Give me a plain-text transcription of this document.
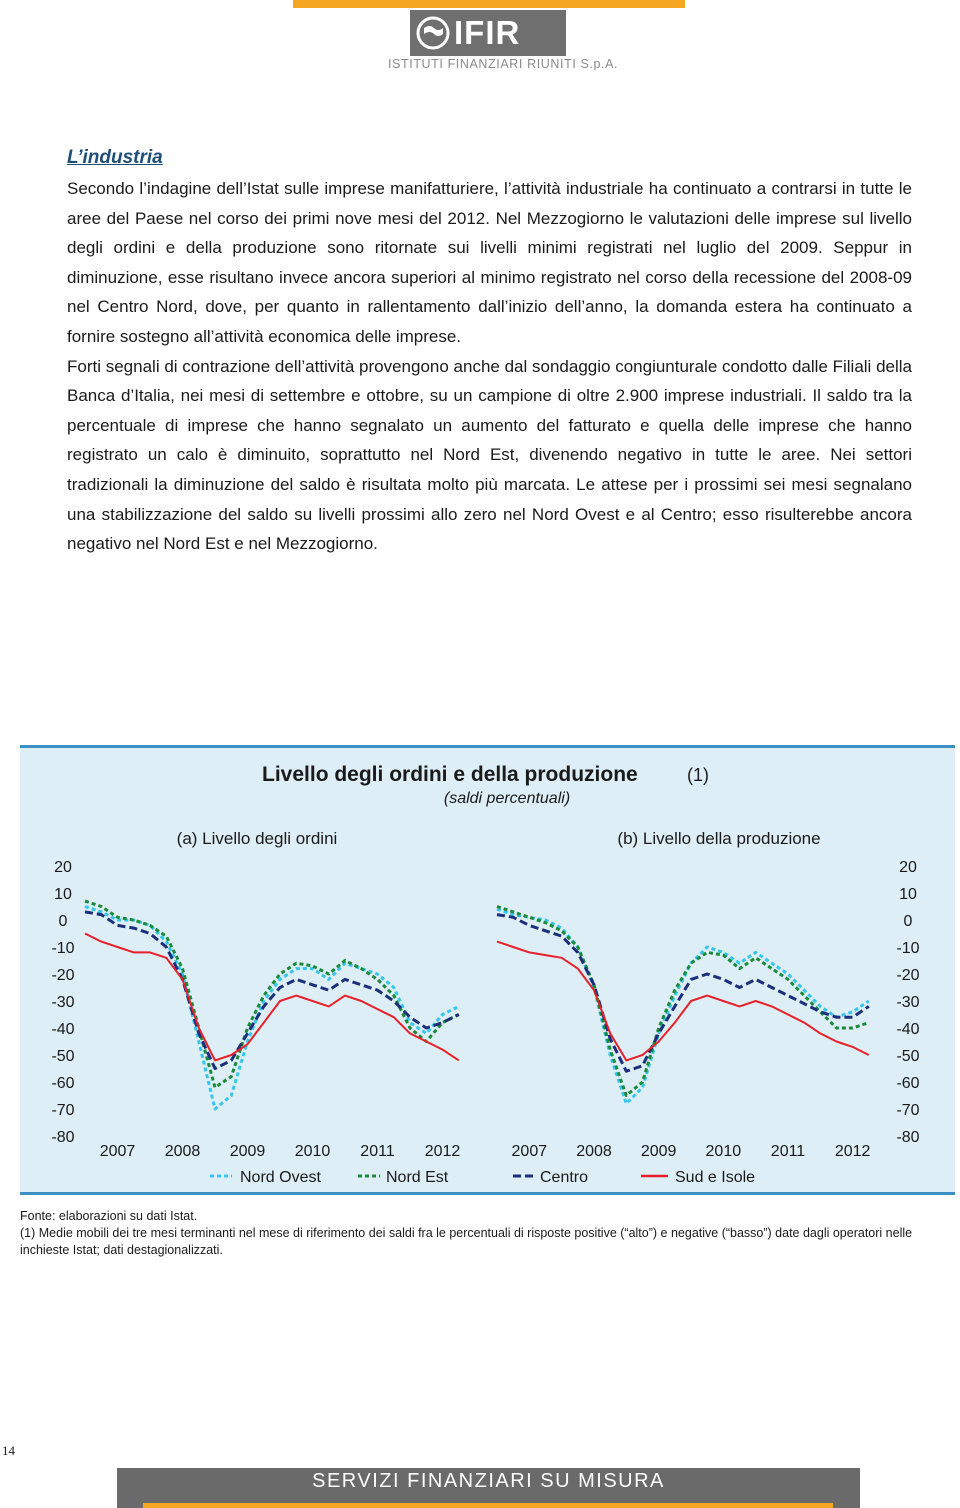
IFIR
ISTITUTI FINANZIARI RIUNITI S.p.A.
L’industria

Secondo l’indagine dell’Istat sulle imprese manifatturiere, l’attività industriale ha continuato a contrarsi in tutte le aree del Paese nel corso dei primi nove mesi del 2012. Nel Mezzogiorno le valutazioni delle imprese sul livello degli ordini e della produzione sono ritornate sui livelli minimi registrati nel luglio del 2009. Seppur in diminuzione, esse risultano invece ancora superiori al minimo registrato nel corso della recessione del 2008-09 nel Centro Nord, dove, per quanto in rallentamento dall’inizio dell’anno, la domanda estera ha continuato a fornire sostegno all’attività economica delle imprese.

Forti segnali di contrazione dell’attività provengono anche dal sondaggio congiunturale condotto dalle Filiali della Banca d’Italia, nei mesi di settembre e ottobre, su un campione di oltre 2.900 imprese industriali. Il saldo tra la percentuale di imprese che hanno segnalato un aumento del fatturato e quella delle imprese che hanno registrato un calo è diminuito, soprattutto nel Nord Est, divenendo negativo in tutte le aree. Nei settori tradizionali la diminuzione del saldo è risultata molto più marcata. Le attese per i prossimi sei mesi segnalano una stabilizzazione del saldo su livelli prossimi allo zero nel Nord Ovest e al Centro; esso risulterebbe ancora negativo nel Nord Est e nel Mezzogiorno.

Livello degli ordini e della produzione	(1)
(saldi percentuali)
(a) Livello degli ordini	(b) Livello della produzione
20
10
0
-10
-20
-30
-40
-50
-60
-70
-80
2007 2008 2009 2010 2011 2012
20
10
0
-10
-20
-30
-40
-50
-60
-70
-80
2007 2008 2009 2010 2011 2012
Nord Ovest	Nord Est	Centro	Sud e Isole

Fonte: elaborazioni su dati Istat.

(1) Medie mobili dei tre mesi terminanti nel mese di riferimento dei saldi fra le percentuali di risposte positive (“alto”) e negative (“basso”) date dagli operatori nelle inchieste Istat; dati destagionalizzati.

14
SERVIZI FINANZIARI SU MISURA
